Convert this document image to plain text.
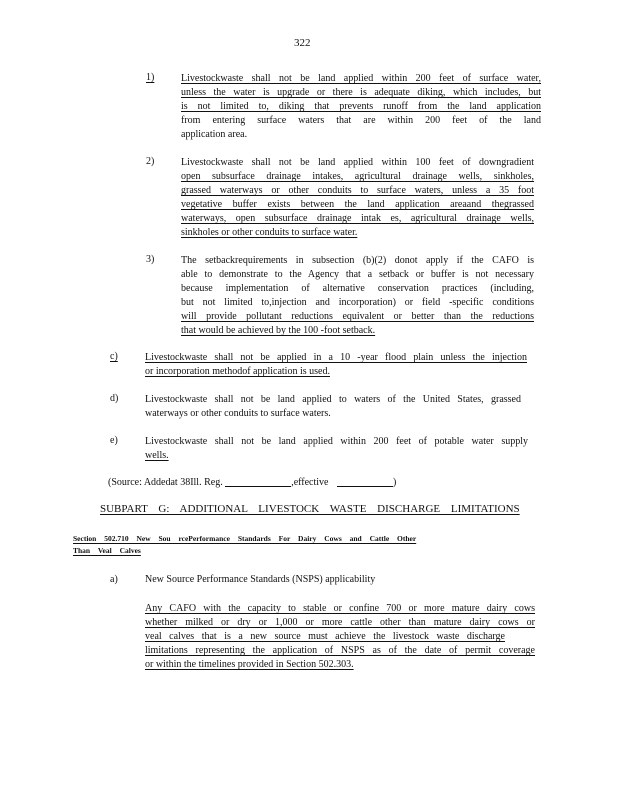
322
1)	Livestockwaste shall not be land applied within 200 feet of surface water,
unless the water is upgrade or there is adequate diking, which includes, but
is not limited to, diking that prevents runoff from the land application
from entering surface waters that are within 200 feet of the land
application area.
2)	Livestockwaste shall not be land applied within 100 feet of downgradient
open subsurface drainage intakes, agricultural drainage wells, sinkholes,
grassed waterways or other conduits to surface waters, unless a 35 foot
vegetative buffer exists between the land application areaand thegrassed
waterways, open subsurface drainage intak es, agricultural drainage wells,
sinkholes or other conduits to surface water.
3)	The setbackrequirements in subsection (b)(2) donot apply if the CAFO is
able to demonstrate to the Agency that a setback or buffer is not necessary
because implementation of alternative conservation practices (including,
but not limited to,injection and incorporation) or field -specific conditions
will provide pollutant reductions equivalent or better than the reductions
that would be achieved by the 100 -foot setback.
c)	Livestockwaste shall not be applied in a 10 -year flood plain unless the injection
or incorporation methodof application is used.
d)	Livestockwaste shall not be land applied to waters of the United States, grassed
waterways or other conduits to surface waters.
e)	Livestockwaste shall not be land applied within 200 feet of potable water supply
wells.
(Source: Addedat 38Ill. Reg.	,effective	)
SUBPART G: ADDITIONAL LIVESTOCK WASTE DISCHARGE LIMITATIONS
Section 502.710 New Sou rcePerformance Standards For Dairy Cows and Cattle Other
Than Veal Calves
a)	New Source Performance Standards (NSPS) applicability
Any CAFO with the capacity to stable or confine 700 or more mature dairy cows
whether milked or dry or 1,000 or more cattle other than mature dairy cows or
veal calves that is a new source must achieve the livestock waste discharge
limitations representing the application of NSPS as of the date of permit coverage
or within the timelines provided in Section 502.303.
